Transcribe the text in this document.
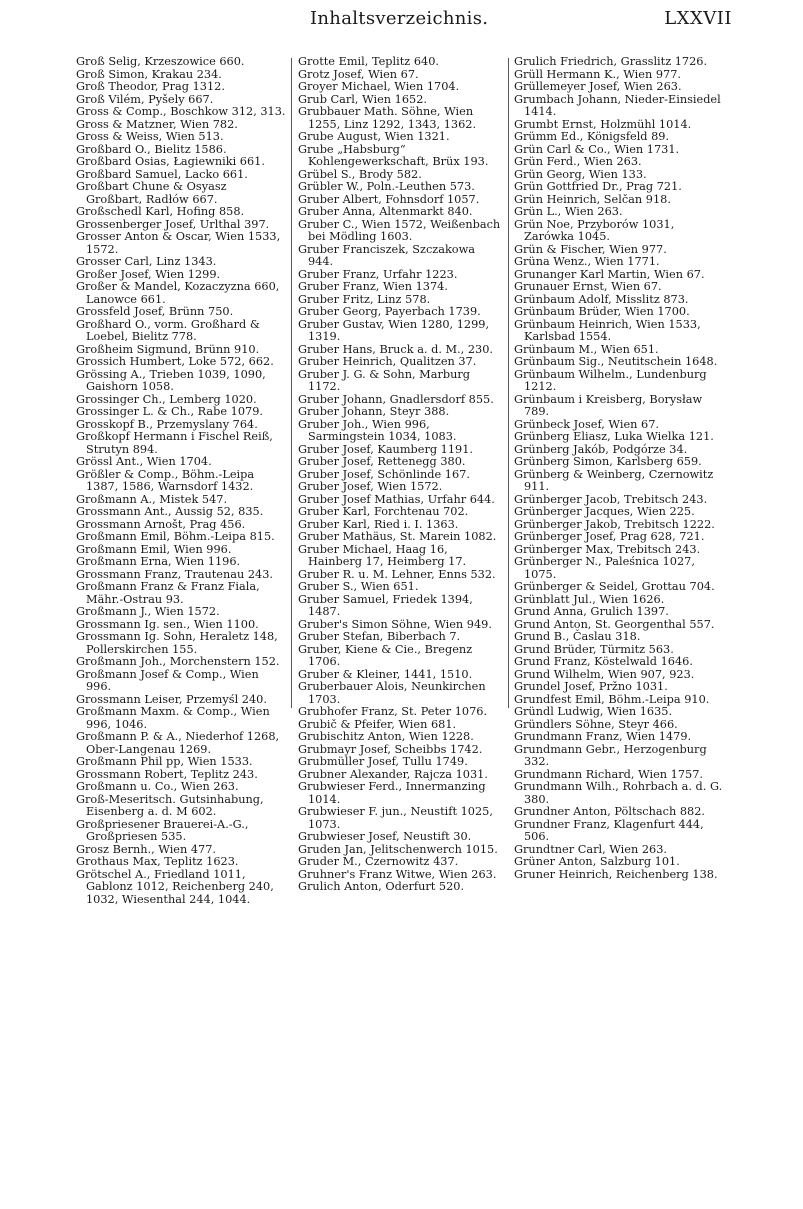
Inhaltsverzeichnis.	LXXVII

Groß Selig, Krzeszowice 660.

Groß Simon, Krakau 234.

Groß Theodor, Prag 1312.

Groß Vilém, Pyšely 667.

Gross & Comp., Boschkow 312, 313.

Gross & Matzner, Wien 782.

Gross & Weiss, Wien 513.

Großbard O., Bielitz 1586.

Großbard Osias, Łagiewniki 661.

Großbard Samuel, Lacko 661.

Großbart Chune & Osyasz Großbart, Radłów 667.

Großschedl Karl, Hofing 858.

Grossenberger Josef, Urlthal 397.

Grosser Anton & Oscar, Wien 1533, 1572.

Grosser Carl, Linz 1343.

Großer Josef, Wien 1299.

Großer & Mandel, Kozaczyzna 660, Lanowce 661.

Grossfeld Josef, Brünn 750.

Großhard O., vorm. Großhard & Loebel, Bielitz 778.

Großheim Sigmund, Brünn 910.

Grossich Humbert, Loke 572, 662.

Grössing A., Trieben 1039, 1090, Gaishorn 1058.

Grossinger Ch., Lemberg 1020.

Grossinger L. & Ch., Rabe 1079.

Grosskopf B., Przemyslany 764.

Großkopf Hermann i Fischel Reiß, Strutyn 894.

Grössl Ant., Wien 1704.

Größler & Comp., Böhm.-Leipa 1387, 1586, Warnsdorf 1432.

Großmann A., Mistek 547.

Grossmann Ant., Aussig 52, 835.

Grossmann Arnošt, Prag 456.

Großmann Emil, Böhm.-Leipa 815.

Großmann Emil, Wien 996.

Großmann Erna, Wien 1196.

Grossmann Franz, Trautenau 243.

Großmann Franz & Franz Fiala, Mähr.-Ostrau 93.

Großmann J., Wien 1572.

Grossmann Ig. sen., Wien 1100.

Grossmann Ig. Sohn, Heraletz 148, Pollerskirchen 155.

Großmann Joh., Morchenstern 152.

Großmann Josef & Comp., Wien 996.

Grossmann Leiser, Przemyśl 240.

Großmann Maxm. & Comp., Wien 996, 1046.

Großmann P. & A., Niederhof 1268, Ober-Langenau 1269.

Großmann Phil pp, Wien 1533.

Grossmann Robert, Teplitz 243.

Großmann u. Co., Wien 263.

Groß-Meseritsch. Gutsinhabung, Eisenberg a. d. M 602.

Großpriesener Brauerei-A.-G., Großpriesen 535.

Grosz Bernh., Wien 477.

Grothaus Max, Teplitz 1623.

Grötschel A., Friedland 1011, Gablonz 1012, Reichenberg 240, 1032, Wiesenthal 244, 1044.

Grotte Emil, Teplitz 640.

Grotz Josef, Wien 67.

Groyer Michael, Wien 1704.

Grub Carl, Wien 1652.

Grubbauer Math. Söhne, Wien 1255, Linz 1292, 1343, 1362.

Grube August, Wien 1321.

Grube „Habsburg“ Kohlengewerkschaft, Brüx 193.

Grübel S., Brody 582.

Grübler W., Poln.-Leuthen 573.

Gruber Albert, Fohnsdorf 1057.

Gruber Anna, Altenmarkt 840.

Gruber C., Wien 1572, Weißenbach bei Mödling 1603.

Gruber Franciszek, Szczakowa 944.

Gruber Franz, Urfahr 1223.

Gruber Franz, Wien 1374.

Gruber Fritz, Linz 578.

Gruber Georg, Payerbach 1739.

Gruber Gustav, Wien 1280, 1299, 1319.

Gruber Hans, Bruck a. d. M., 230.

Gruber Heinrich, Qualitzen 37.

Gruber J. G. & Sohn, Marburg 1172.

Gruber Johann, Gnadlersdorf 855.

Gruber Johann, Steyr 388.

Gruber Joh., Wien 996, Sarmingstein 1034, 1083.

Gruber Josef, Kaumberg 1191.

Gruber Josef, Rettenegg 380.

Gruber Josef, Schönlinde 167.

Gruber Josef, Wien 1572.

Gruber Josef Mathias, Urfahr 644.

Gruber Karl, Forchtenau 702.

Gruber Karl, Ried i. I. 1363.

Gruber Mathäus, St. Marein 1082.

Gruber Michael, Haag 16, Hainberg 17, Heimberg 17.

Gruber R. u. M. Lehner, Enns 532.

Gruber S., Wien 651.

Gruber Samuel, Friedek 1394, 1487.

Gruber's Simon Söhne, Wien 949.

Gruber Stefan, Biberbach 7.

Gruber, Kiene & Cie., Bregenz 1706.

Gruber & Kleiner, 1441, 1510.

Gruberbauer Alois, Neunkirchen 1703.

Grubhofer Franz, St. Peter 1076.

Grubič & Pfeifer, Wien 681.

Grubischitz Anton, Wien 1228.

Grubmayr Josef, Scheibbs 1742.

Grubmüller Josef, Tullu 1749.

Grubner Alexander, Rajcza 1031.

Grubwieser Ferd., Innermanzing 1014.

Grubwieser F. jun., Neustift 1025, 1073.

Grubwieser Josef, Neustift 30.

Gruden Jan, Jelitschenwerch 1015.

Gruder M., Czernowitz 437.

Gruhner's Franz Witwe, Wien 263.

Grulich Anton, Oderfurt 520.

Grulich Friedrich, Grasslitz 1726.

Grüll Hermann K., Wien 977.

Grüllemeyer Josef, Wien 263.

Grumbach Johann, Nieder-Einsiedel 1414.

Grumbt Ernst, Holzmühl 1014.

Grümm Ed., Königsfeld 89.

Grün Carl & Co., Wien 1731.

Grün Ferd., Wien 263.

Grün Georg, Wien 133.

Grün Gottfried Dr., Prag 721.

Grün Heinrich, Selčan 918.

Grün L., Wien 263.

Grün Noe, Przyborów 1031, Zarówka 1045.

Grün & Fischer, Wien 977.

Grüna Wenz., Wien 1771.

Grunanger Karl Martin, Wien 67.

Grunauer Ernst, Wien 67.

Grünbaum Adolf, Misslitz 873.

Grünbaum Brüder, Wien 1700.

Grünbaum Heinrich, Wien 1533, Karlsbad 1554.

Grünbaum M., Wien 651.

Grünbaum Sig., Neutitschein 1648.

Grünbaum Wilhelm., Lundenburg 1212.

Grünbaum i Kreisberg, Borysław 789.

Grünbeck Josef, Wien 67.

Grünberg Eliasz, Luka Wielka 121.

Grünberg Jakób, Podgórze 34.

Grünberg Simon, Karlsberg 659.

Grünberg & Weinberg, Czernowitz 911.

Grünberger Jacob, Trebitsch 243.

Grünberger Jacques, Wien 225.

Grünberger Jakob, Trebitsch 1222.

Grünberger Josef, Prag 628, 721.

Grünberger Max, Trebitsch 243.

Grünberger N., Paleśnica 1027, 1075.

Grünberger & Seidel, Grottau 704.

Grünblatt Jul., Wien 1626.

Grund Anna, Grulich 1397.

Grund Anton, St. Georgenthal 557.

Grund B., Časlau 318.

Grund Brüder, Türmitz 563.

Grund Franz, Köstelwald 1646.

Grund Wilhelm, Wien 907, 923.

Grundel Josef, Pržno 1031.

Grundfest Emil, Böhm.-Leipa 910.

Gründl Ludwig, Wien 1635.

Gründlers Söhne, Steyr 466.

Grundmann Franz, Wien 1479.

Grundmann Gebr., Herzogenburg 332.

Grundmann Richard, Wien 1757.

Grundmann Wilh., Rohrbach a. d. G. 380.

Grundner Anton, Pöltschach 882.

Grundner Franz, Klagenfurt 444, 506.

Grundtner Carl, Wien 263.

Grüner Anton, Salzburg 101.

Gruner Heinrich, Reichenberg 138.
